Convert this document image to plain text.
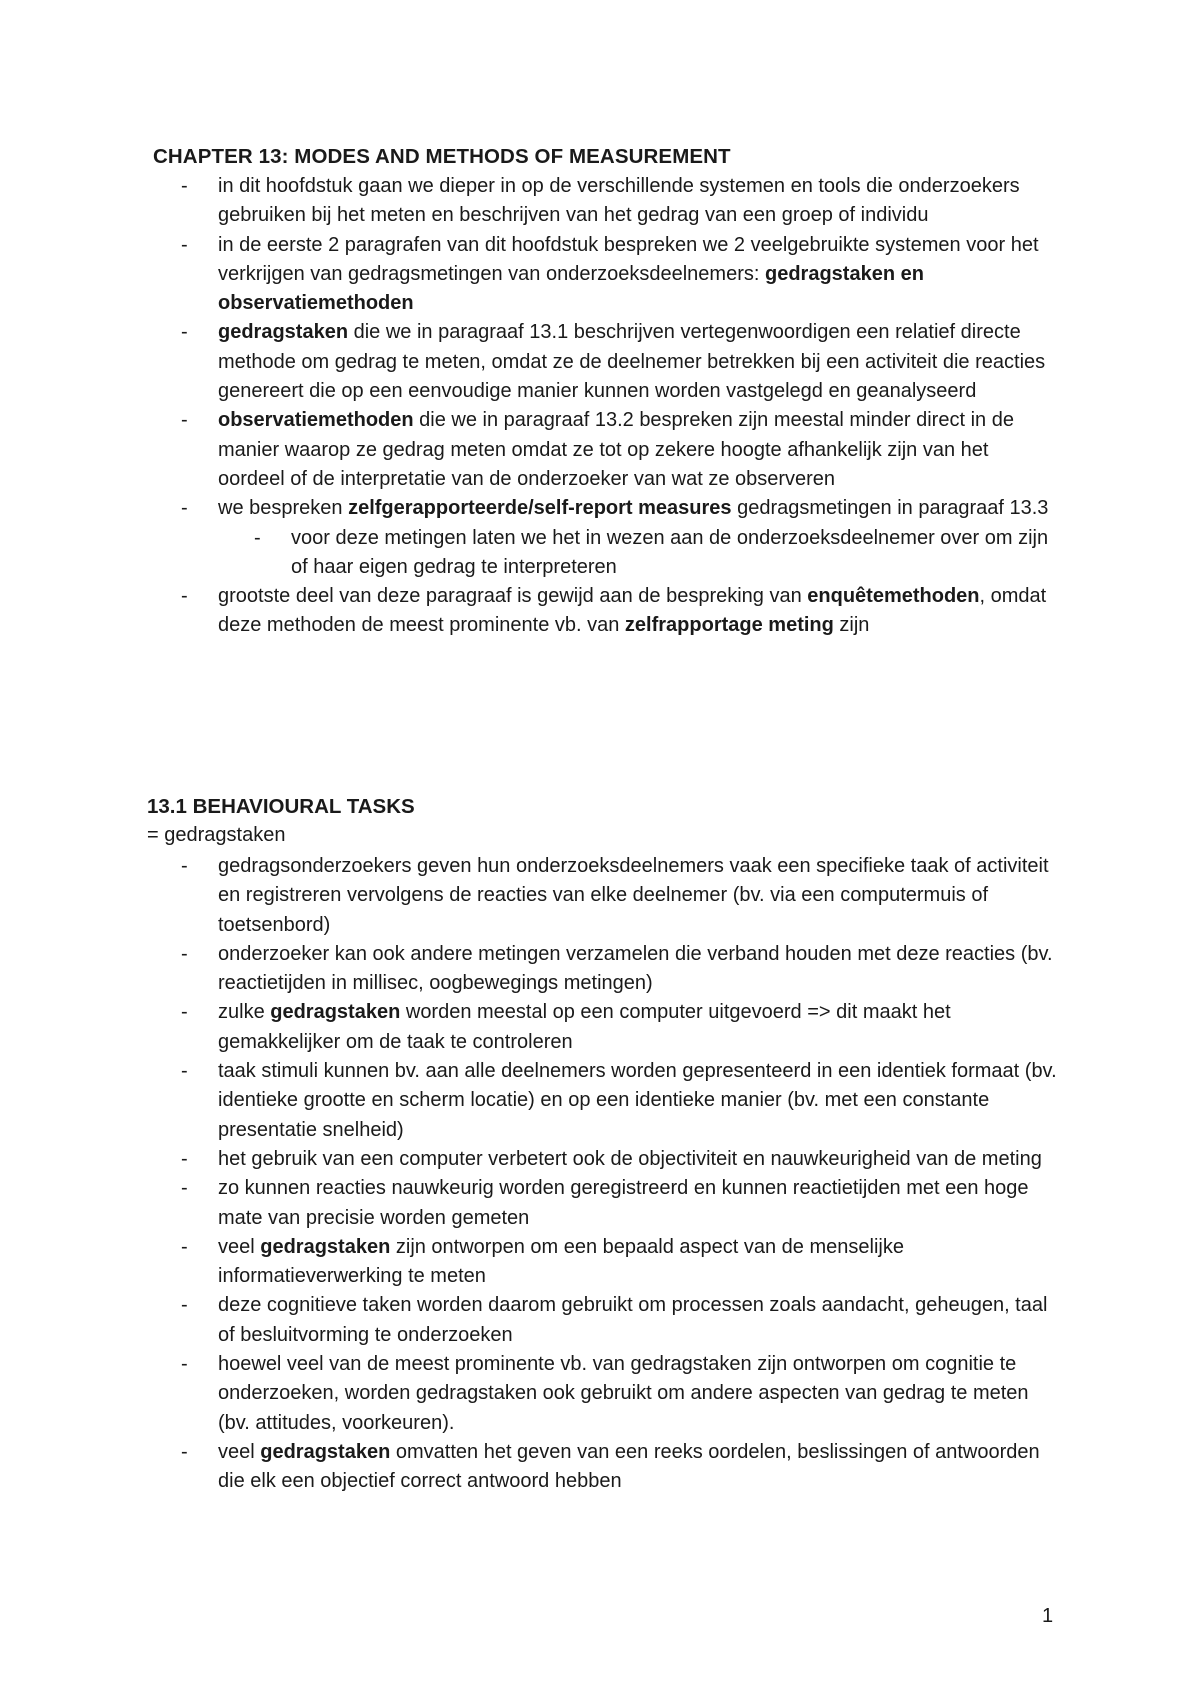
CHAPTER 13: MODES AND METHODS OF MEASUREMENT
- in dit hoofdstuk gaan we dieper in op de verschillende systemen en tools die onderzoekers gebruiken bij het meten en beschrijven van het gedrag van een groep of individu
- in de eerste 2 paragrafen van dit hoofdstuk bespreken we 2 veelgebruikte systemen voor het verkrijgen van gedragsmetingen van onderzoeksdeelnemers: gedragstaken en observatiemethoden
- gedragstaken die we in paragraaf 13.1 beschrijven vertegenwoordigen een relatief directe methode om gedrag te meten, omdat ze de deelnemer betrekken bij een activiteit die reacties genereert die op een eenvoudige manier kunnen worden vastgelegd en geanalyseerd
- observatiemethoden die we in paragraaf 13.2 bespreken zijn meestal minder direct in de manier waarop ze gedrag meten omdat ze tot op zekere hoogte afhankelijk zijn van het oordeel of de interpretatie van de onderzoeker van wat ze observeren
- we bespreken zelfgerapporteerde/self-report measures gedragsmetingen in paragraaf 13.3
- voor deze metingen laten we het in wezen aan de onderzoeksdeelnemer over om zijn of haar eigen gedrag te interpreteren
- grootste deel van deze paragraaf is gewijd aan de bespreking van enquêtemethoden, omdat deze methoden de meest prominente vb. van zelfrapportage meting zijn
13.1 BEHAVIOURAL TASKS
= gedragstaken
- gedragsonderzoekers geven hun onderzoeksdeelnemers vaak een specifieke taak of activiteit en registreren vervolgens de reacties van elke deelnemer (bv. via een computermuis of toetsenbord)
- onderzoeker kan ook andere metingen verzamelen die verband houden met deze reacties (bv. reactietijden in millisec, oogbewegings metingen)
- zulke gedragstaken worden meestal op een computer uitgevoerd => dit maakt het gemakkelijker om de taak te controleren
- taak stimuli kunnen bv. aan alle deelnemers worden gepresenteerd in een identiek formaat (bv. identieke grootte en scherm locatie) en op een identieke manier (bv. met een constante presentatie snelheid)
- het gebruik van een computer verbetert ook de objectiviteit en nauwkeurigheid van de meting
- zo kunnen reacties nauwkeurig worden geregistreerd en kunnen reactietijden met een hoge mate van precisie worden gemeten
- veel gedragstaken zijn ontworpen om een bepaald aspect van de menselijke informatieverwerking te meten
- deze cognitieve taken worden daarom gebruikt om processen zoals aandacht, geheugen, taal of besluitvorming te onderzoeken
- hoewel veel van de meest prominente vb. van gedragstaken zijn ontworpen om cognitie te onderzoeken, worden gedragstaken ook gebruikt om andere aspecten van gedrag te meten (bv. attitudes, voorkeuren).
- veel gedragstaken omvatten het geven van een reeks oordelen, beslissingen of antwoorden die elk een objectief correct antwoord hebben
1
